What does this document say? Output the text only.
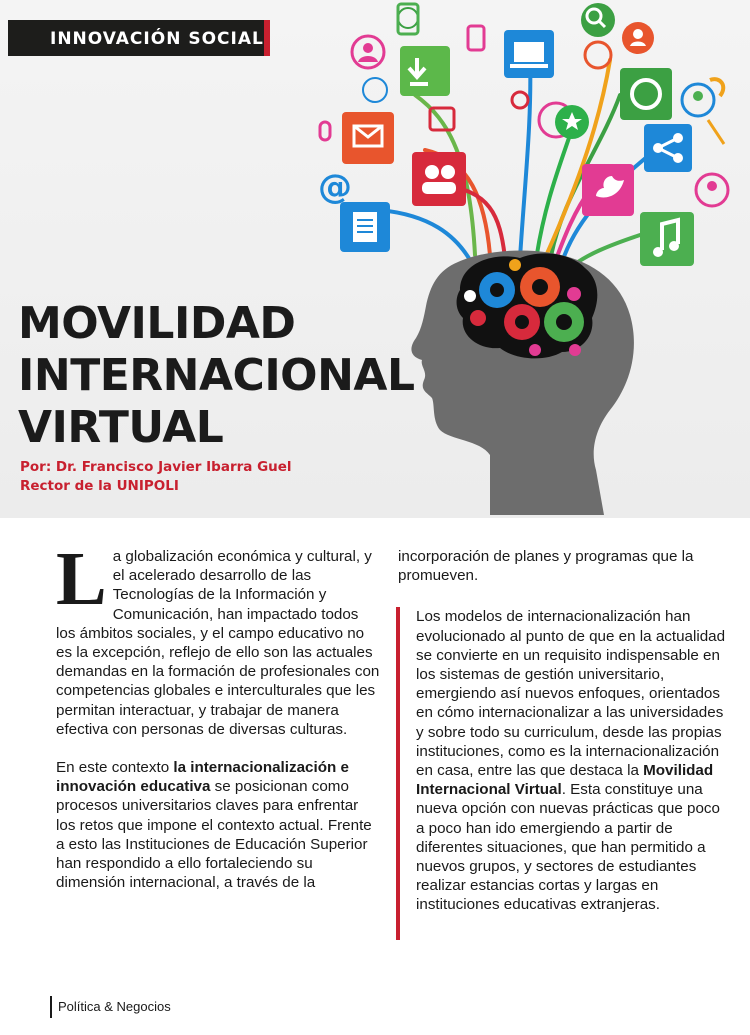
@
INNOVACIÓN SOCIAL
MOVILIDAD
INTERNACIONAL
VIRTUAL
Por: Dr. Francisco Javier Ibarra Guel
Rector de la UNIPOLI

La globalización económica y cultural, y el acelerado desarrollo de las Tecnologías de la Información y Comunicación, han impactado todos los ámbitos sociales, y el campo educativo no es la excepción, reflejo de ello son las actuales demandas en la formación de profesionales con competencias globales e interculturales que les permitan interactuar, y trabajar de manera efectiva con personas de diversas culturas.

En este contexto la internacionalización e innovación educativa se posicionan como procesos universitarios claves para enfrentar los retos que impone el contexto actual. Frente a esto las Instituciones de Educación Superior han respondido a ello fortaleciendo su dimensión internacional, a través de la

incorporación de planes y programas que la promueven.

Los modelos de internacionalización han evolucionado al punto de que en la actualidad se convierte en un requisito indispensable en los sistemas de gestión universitario, emergiendo así nuevos enfoques, orientados en cómo internacionalizar a las universidades y sobre todo su curriculum, desde las propias instituciones, como es la internacionalización en casa, entre las que destaca la Movilidad Internacional Virtual. Esta constituye una nueva opción con nuevas prácticas que poco a poco han ido emergiendo a partir de diferentes situaciones, que han permitido a nuevos grupos, y sectores de estudiantes realizar estancias cortas y largas en instituciones educativas extranjeras.

Política & Negocios
